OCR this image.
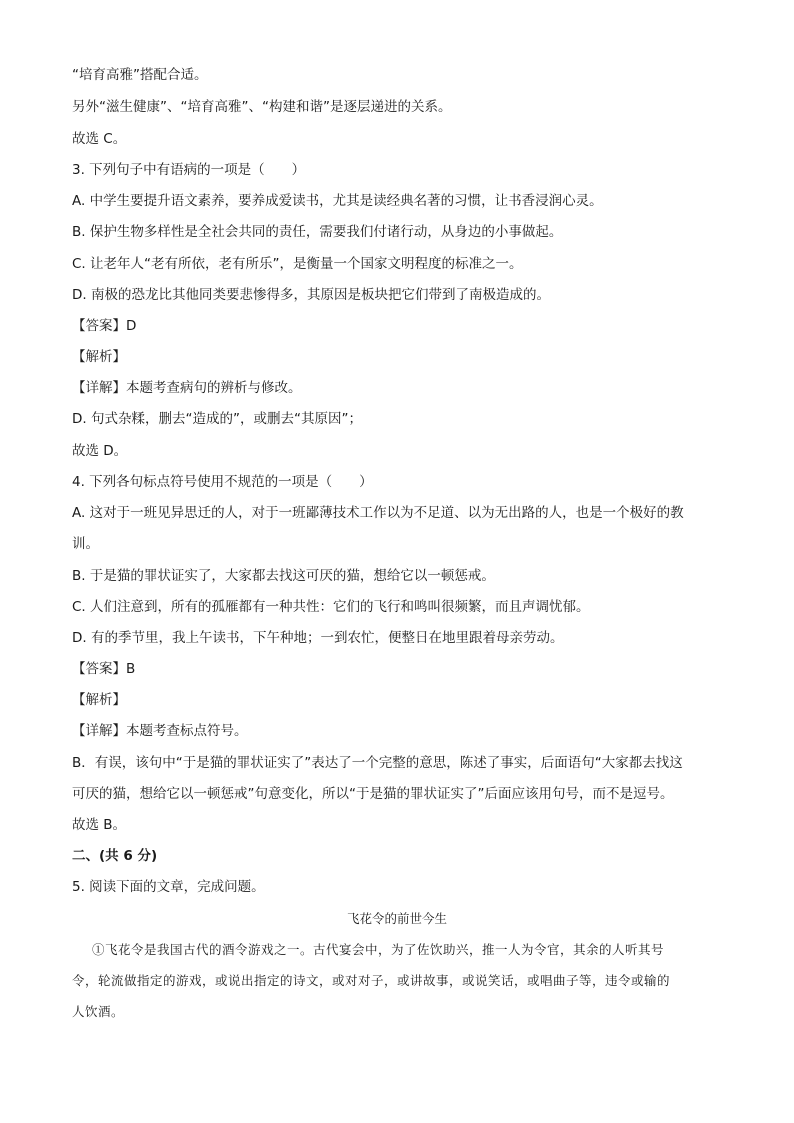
“培育高雅”搭配合适。
另外“滋生健康”、“培育高雅”、“构建和谐”是逐层递进的关系。
故选 C。
3. 下列句子中有语病的一项是（　　）
A. 中学生要提升语文素养，要养成爱读书，尤其是读经典名著的习惯，让书香浸润心灵。
B. 保护生物多样性是全社会共同的责任，需要我们付诸行动，从身边的小事做起。
C. 让老年人“老有所依，老有所乐”，是衡量一个国家文明程度的标准之一。
D. 南极的恐龙比其他同类要悲惨得多，其原因是板块把它们带到了南极造成的。
【答案】D
【解析】
【详解】本题考查病句的辨析与修改。
D. 句式杂糅，删去“造成的”，或删去“其原因”；
故选 D。
4. 下列各句标点符号使用不规范的一项是（　　）
A. 这对于一班见异思迁的人，对于一班鄙薄技术工作以为不足道、以为无出路的人，也是一个极好的教
训。
B. 于是猫的罪状证实了，大家都去找这可厌的猫，想给它以一顿惩戒。
C. 人们注意到，所有的孤雁都有一种共性：它们的飞行和鸣叫很频繁，而且声调忧郁。
D. 有的季节里，我上午读书，下午种地；一到农忙，便整日在地里跟着母亲劳动。
【答案】B
【解析】
【详解】本题考查标点符号。
B．有误，该句中“于是猫的罪状证实了”表达了一个完整的意思，陈述了事实，后面语句“大家都去找这
可厌的猫，想给它以一顿惩戒”句意变化，所以“于是猫的罪状证实了”后面应该用句号，而不是逗号。
故选 B。
二、(共 6 分)
5. 阅读下面的文章，完成问题。
飞花令的前世今生
①飞花令是我国古代的酒令游戏之一。古代宴会中，为了佐饮助兴，推一人为令官，其余的人听其号
令，轮流做指定的游戏，或说出指定的诗文，或对对子，或讲故事，或说笑话，或唱曲子等，违令或输的
人饮酒。
